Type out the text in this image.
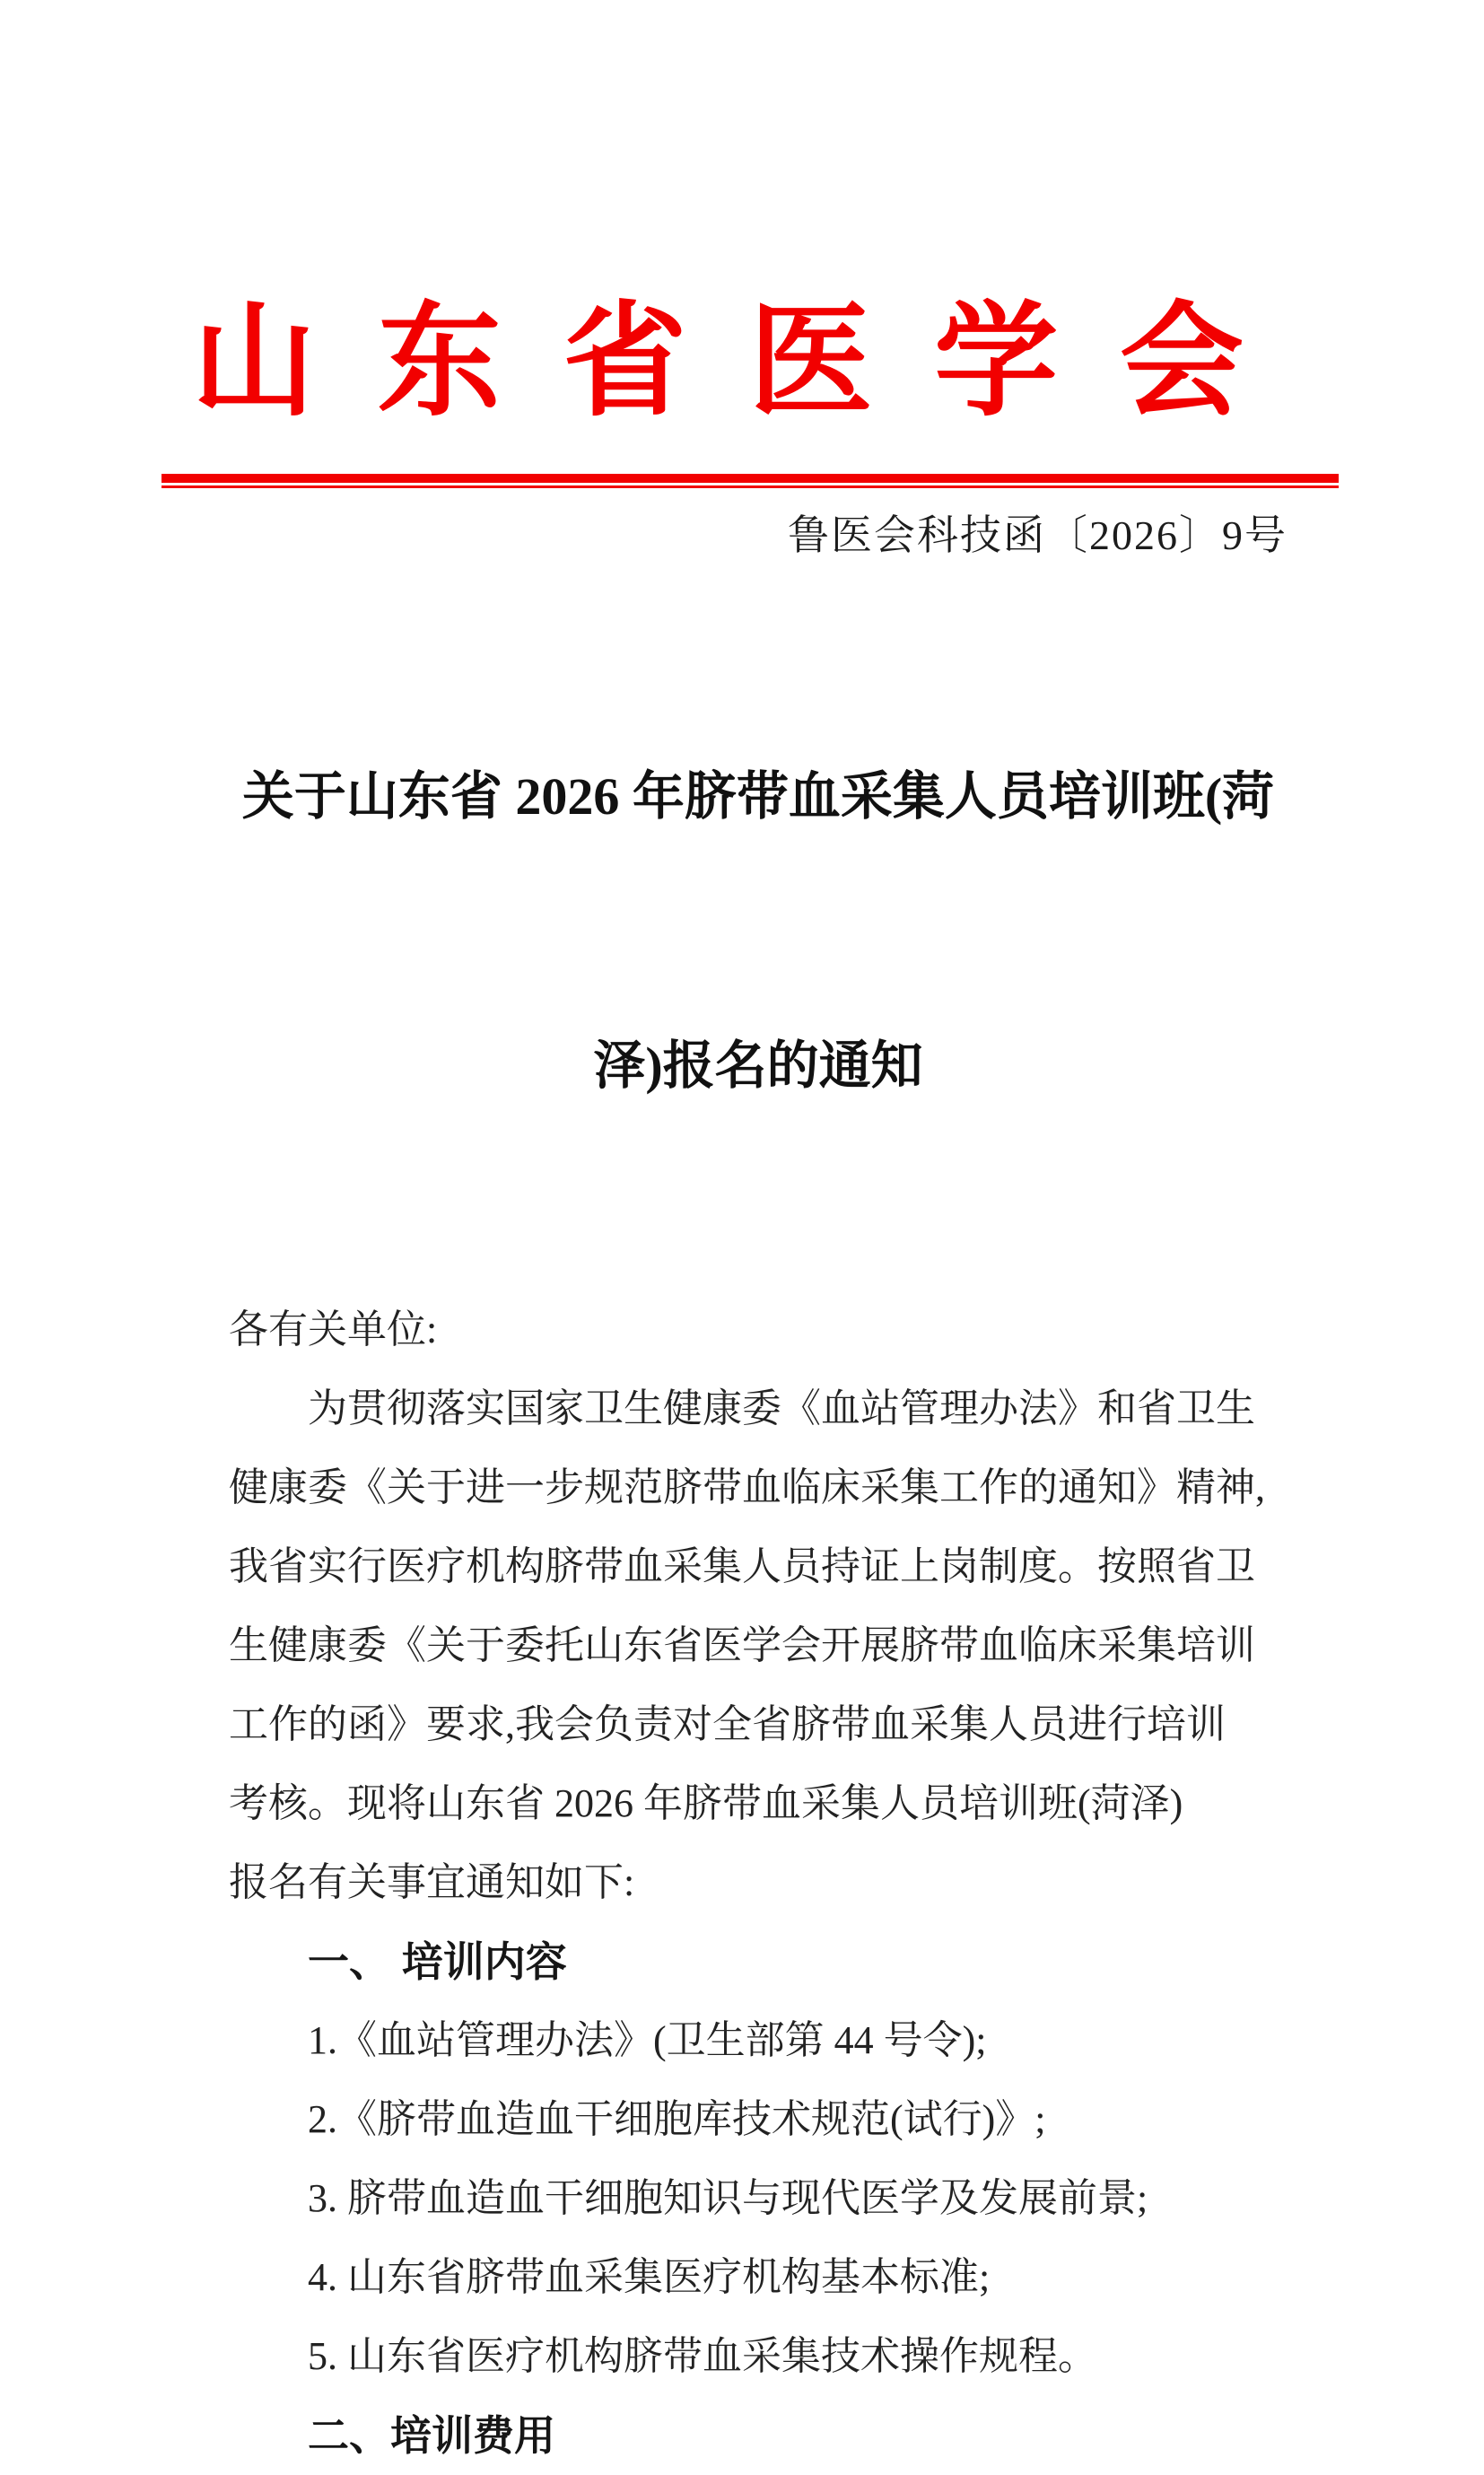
山 东 省 医 学 会
鲁医会科技函〔2026〕9号

关于山东省 2026 年脐带血采集人员培训班(菏

泽)报名的通知

各有关单位:
为贯彻落实国家卫生健康委《血站管理办法》和省卫生
健康委《关于进一步规范脐带血临床采集工作的通知》精神,
我省实行医疗机构脐带血采集人员持证上岗制度。按照省卫
生健康委《关于委托山东省医学会开展脐带血临床采集培训
工作的函》要求,我会负责对全省脐带血采集人员进行培训
考核。现将山东省 2026 年脐带血采集人员培训班(菏泽)
报名有关事宜通知如下:
一、 培训内容
1.《血站管理办法》(卫生部第 44 号令);
2.《脐带血造血干细胞库技术规范(试行)》;
3. 脐带血造血干细胞知识与现代医学及发展前景;
4. 山东省脐带血采集医疗机构基本标准;
5. 山东省医疗机构脐带血采集技术操作规程。
二、培训费用
